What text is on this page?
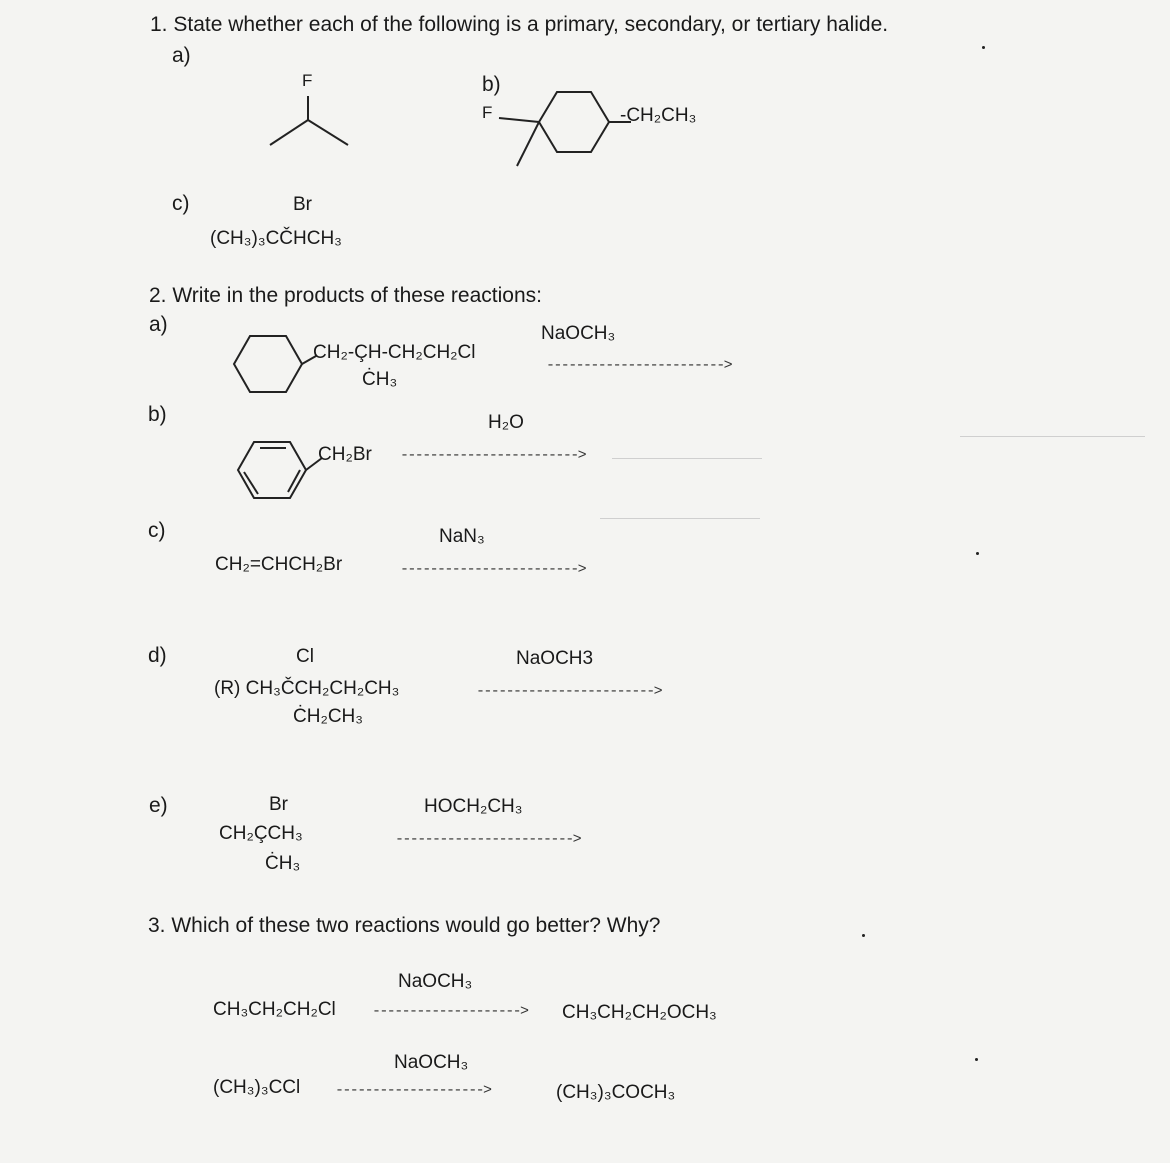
1. State whether each of the following is a primary, secondary, or tertiary halide.
a)
F	b)
F	-CH₂CH₃
c)	Br
(CH₃)₃CČHCH₃
2. Write in the products of these reactions:
a)
CH₂-ÇH-CH₂CH₂Cl
ĊH₃
NaOCH₃
------------------------>
b)
CH₂Br
H₂O
------------------------>
c)
CH₂=CHCH₂Br
NaN₃
------------------------>
d)	Cl
(R) CH₃ČCH₂CH₂CH₃
ĊH₂CH₃
NaOCH3
------------------------>
e)	Br
CH₂ÇCH₃
ĊH₃
HOCH₂CH₃
------------------------>
3. Which of these two reactions would go better? Why?
NaOCH₃
CH₃CH₂CH₂Cl --------------------> CH₃CH₂CH₂OCH₃
NaOCH₃
(CH₃)₃CCl -------------------->	(CH₃)₃COCH₃
